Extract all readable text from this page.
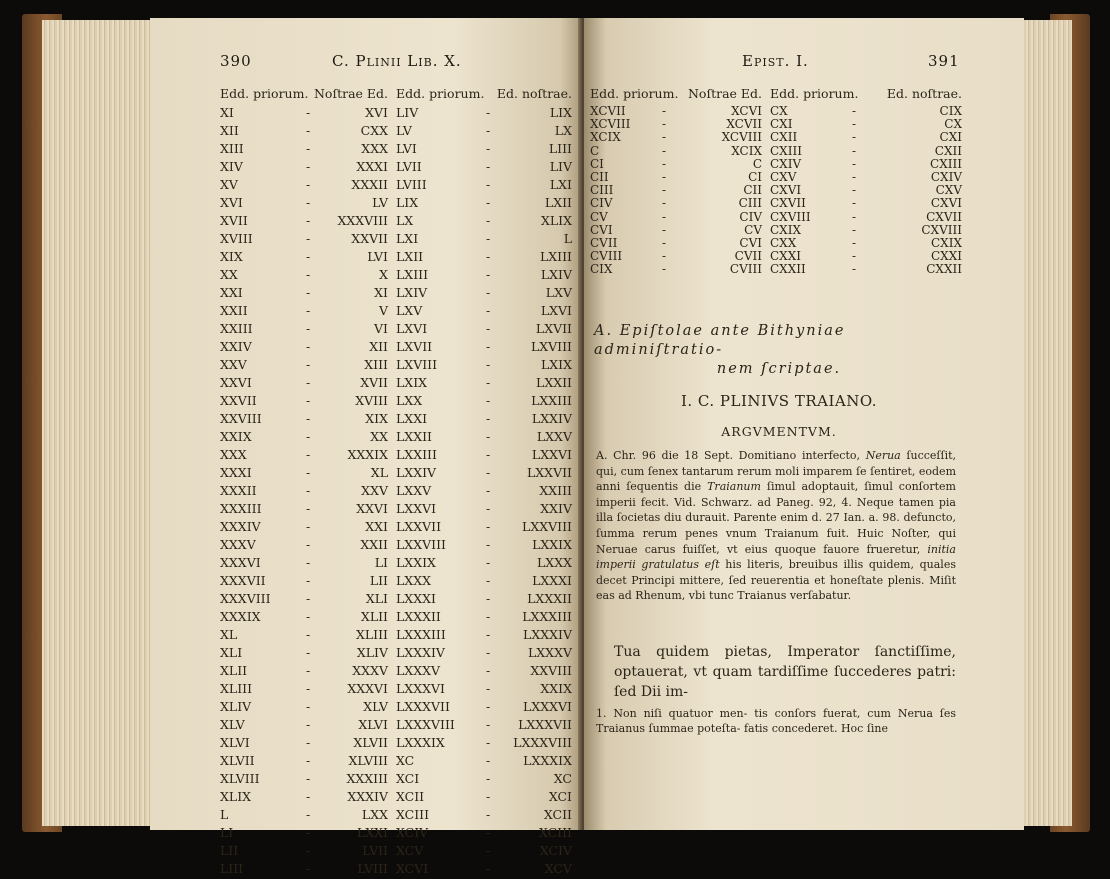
390	C. Plinii Lib. X.
Edd. priorum. Noſtrae Ed. Edd. priorum. Ed. noſtrae.
XI	-	XVI LIV	-	LIX
XII	-	CXX LV	-	LX
XIII	-	XXX LVI	-	LIII
XIV	-	XXXI LVII	-	LIV
XV	-	XXXII LVIII	-	LXI
XVI	-	LV LIX	-	LXII
XVII	- XXXVIII LX	-	XLIX
XVIII	-	XXVII LXI	-	L
XIX	-	LVI LXII	-	LXIII
XX	-	X LXIII	-	LXIV
XXI	-	XI LXIV	-	LXV
XXII	-	V LXV	-	LXVI
XXIII	-	VI LXVI	-	LXVII
XXIV	-	XII LXVII	-	LXVIII
XXV	-	XIII LXVIII	-	LXIX
XXVI	-	XVII LXIX	-	LXXII
XXVII	-	XVIII LXX	-	LXXIII
XXVIII	-	XIX LXXI	-	LXXIV
XXIX	-	XX LXXII	-	LXXV
XXX	-	XXXIX LXXIII	-	LXXVI
XXXI	-	XL LXXIV	-	LXXVII
XXXII	-	XXV LXXV	-	XXIII
XXXIII	-	XXVI LXXVI	-	XXIV
XXXIV	-	XXI LXXVII	-	LXXVIII
XXXV	-	XXII LXXVIII	-	LXXIX
XXXVI	-	LI LXXIX	-	LXXX
XXXVII	-	LII LXXX	-	LXXXI
XXXVIII	-	XLI LXXXI	-	LXXXII
XXXIX	-	XLII LXXXII	-	LXXXIII
XL	-	XLIII LXXXIII	-	LXXXIV
XLI	-	XLIV LXXXIV	-	LXXXV
XLII	-	XXXV LXXXV	-	XXVIII
XLIII	-	XXXVI LXXXVI	-	XXIX
XLIV	-	XLV LXXXVII	-	LXXXVI
XLV	-	XLVI LXXXVIII - LXXXVII
XLVI	-	XLVII LXXXIX	- LXXXVIII
XLVII	-	XLVIII XC	-	LXXXIX
XLVIII	-	XXXIII XCI	-	XC
XLIX	-	XXXIV XCII	-	XCI
L	-	LXX XCIII	-	XCII
LI	-	LXXI XCIV	-	XCIII
LII	-	LVII XCV	-	XCIV
LIII	-	LVIII XCVI	-	XCV
Epist. I.	391
Edd. priorum. Noſtrae Ed. Edd. priorum. Ed. noſtrae.
XCVII	-	XCVI CX	-	CIX
XCVIII	-	XCVII CXI	-	CX
XCIX	-	XCVIII CXII	-	CXI
C	-	XCIX CXIII	-	CXII
CI	-	C CXIV	-	CXIII
CII	-	CI CXV	-	CXIV
CIII	-	CII CXVI	-	CXV
CIV	-	CIII CXVII	-	CXVI
CV	-	CIV CXVIII	-	CXVII
CVI	-	CV CXIX	-	CXVIII
CVII	-	CVI CXX	-	CXIX
CVIII	-	CVII CXXI	-	CXXI
CIX	-	CVIII CXXII	-	CXXII
A. Epiſtolae ante Bithyniae adminiſtratio-
nem ſcriptae.
I. C. PLINIVS TRAIANO.
ARGVMENTVM.
A. Chr. 96 die 18 Sept. Domitiano interfecto, Nerua ſucceſſit, qui, cum ſenex tantarum rerum moli imparem ſe ſentiret, eodem anni ſequentis die Traianum ſimul adoptauit, ſimul conſortem imperii fecit. Vid. Schwarz. ad Paneg. 92, 4. Neque tamen pia illa ſocietas diu durauit. Parente enim d. 27 Ian. a. 98. defuncto, ſumma rerum penes vnum Traianum fuit. Huic Noſter, qui Neruae carus fuiſſet, vt eius quoque fauore frueretur, initia imperii gratulatus eſt his literis, breuibus illis quidem, quales decet Principi mittere, ſed reuerentia et honeſtate plenis. Miſit eas ad Rhenum, vbi tunc Traianus verſabatur.
Tua quidem pietas, Imperator ſanctiſſime, optauerat, vt quam tardiſſime ſuccederes patri: ſed Dii im-
1. Non niſi quatuor men- tis conſors fuerat, cum Nerua ſes Traianus ſummae poteſta- fatis concederet. Hoc ſine
